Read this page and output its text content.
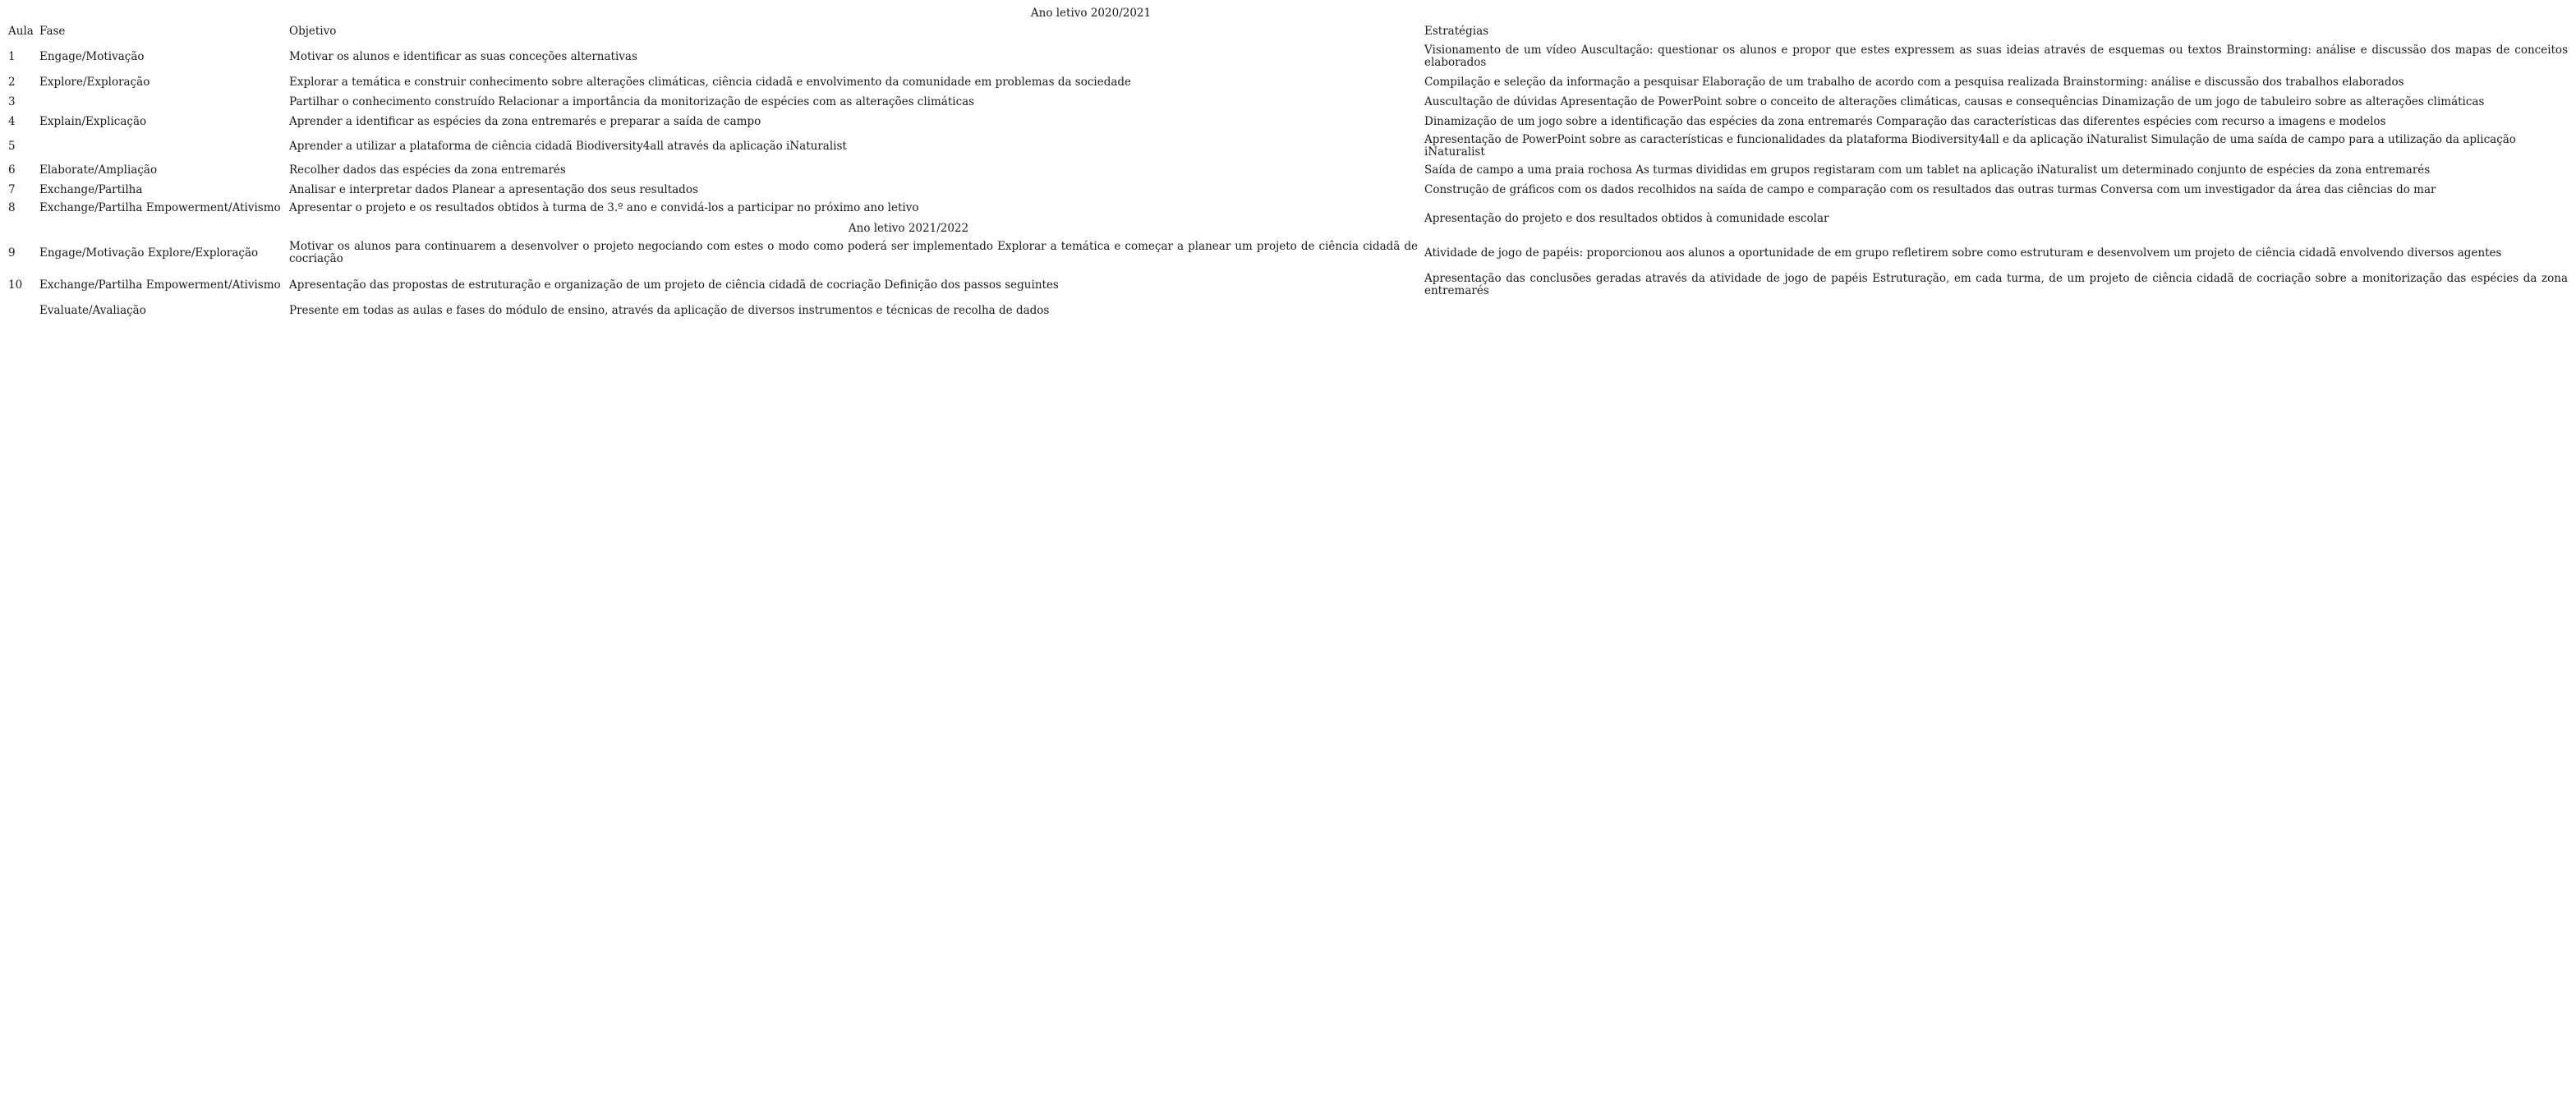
Ano letivo 2020/2021			
Aula	Fase	Objetivo	Estratégias
1	Engage/Motivação	Motivar os alunos e identificar as suas conceções alternativas	Visionamento de um vídeo Auscultação: questionar os alunos e propor que estes expressem as suas ideias através de esquemas ou textos Brainstorming: análise e discussão dos mapas de conceitos elaborados
2	Explore/Exploração	Explorar a temática e construir conhecimento sobre alterações climáticas, ciência cidadã e envolvimento da comunidade em problemas da sociedade	Compilação e seleção da informação a pesquisar Elaboração de um trabalho de acordo com a pesquisa realizada Brainstorming: análise e discussão dos trabalhos elaborados
3		Partilhar o conhecimento construído Relacionar a importância da monitorização de espécies com as alterações climáticas	Auscultação de dúvidas Apresentação de PowerPoint sobre o conceito de alterações climáticas, causas e consequências Dinamização de um jogo de tabuleiro sobre as alterações climáticas
4	Explain/Explicação	Aprender a identificar as espécies da zona entremarés e preparar a saída de campo	Dinamização de um jogo sobre a identificação das espécies da zona entremarés Comparação das características das diferentes espécies com recurso a imagens e modelos
5		Aprender a utilizar a plataforma de ciência cidadã Biodiversity4all através da aplicação iNaturalist	Apresentação de PowerPoint sobre as características e funcionalidades da plataforma Biodiversity4all e da aplicação iNaturalist Simulação de uma saída de campo para a utilização da aplicação iNaturalist
6	Elaborate/Ampliação	Recolher dados das espécies da zona entremarés	Saída de campo a uma praia rochosa As turmas divididas em grupos registaram com um tablet na aplicação iNaturalist um determinado conjunto de espécies da zona entremarés
7	Exchange/Partilha	Analisar e interpretar dados Planear a apresentação dos seus resultados	Construção de gráficos com os dados recolhidos na saída de campo e comparação com os resultados das outras turmas Conversa com um investigador da área das ciências do mar
8	Exchange/Partilha Empowerment/Ativismo	Apresentar o projeto e os resultados obtidos à turma de 3.º ano e convidá-los a participar no próximo ano letivo	Apresentação do projeto e dos resultados obtidos à comunidade escolar
Ano letivo 2021/2022			
9	Engage/Motivação Explore/Exploração	Motivar os alunos para continuarem a desenvolver o projeto negociando com estes o modo como poderá ser implementado Explorar a temática e começar a planear um projeto de ciência cidadã de cocriação	Atividade de jogo de papéis: proporcionou aos alunos a oportunidade de em grupo refletirem sobre como estruturam e desenvolvem um projeto de ciência cidadã envolvendo diversos agentes
10	Exchange/Partilha Empowerment/Ativismo	Apresentação das propostas de estruturação e organização de um projeto de ciência cidadã de cocriação Definição dos passos seguintes	Apresentação das conclusões geradas através da atividade de jogo de papéis Estruturação, em cada turma, de um projeto de ciência cidadã de cocriação sobre a monitorização das espécies da zona entremarés
	Evaluate/Avaliação	Presente em todas as aulas e fases do módulo de ensino, através da aplicação de diversos instrumentos e técnicas de recolha de dados	
